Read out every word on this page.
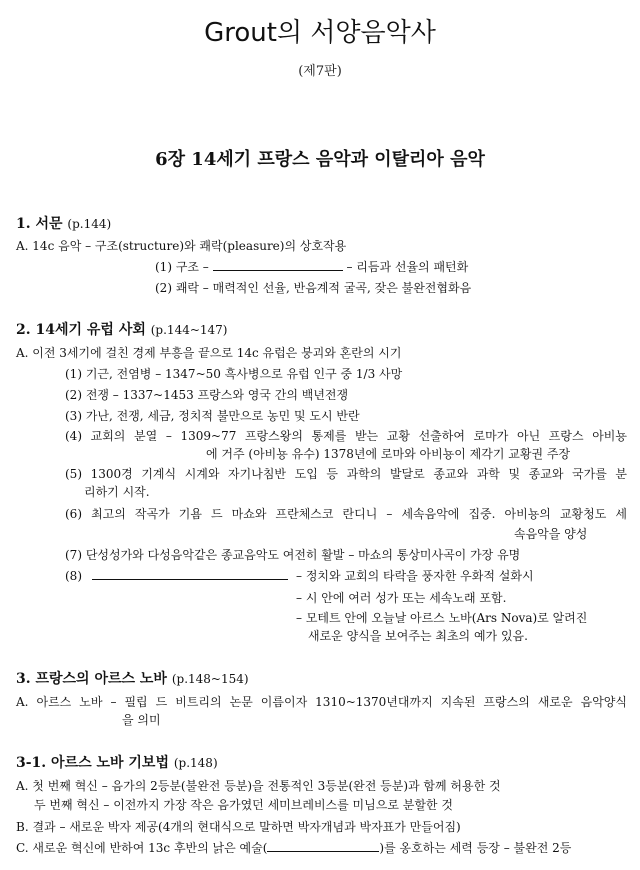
Grout의 서양음악사
(제7판)
6장 14세기 프랑스 음악과 이탈리아 음악
1. 서문 (p.144)
A. 14c 음악 – 구조(structure)와 쾌락(pleasure)의 상호작용
(1) 구조 –	– 리듬과 선율의 패턴화
(2) 쾌락 – 매력적인 선율, 반음계적 굴곡, 잦은 불완전협화음
2. 14세기 유럽 사회 (p.144~147)
A. 이전 3세기에 걸친 경제 부흥을 끝으로 14c 유럽은 붕괴와 혼란의 시기
(1) 기근, 전염병 – 1347~50 흑사병으로 유럽 인구 중 1/3 사망
(2) 전쟁 – 1337~1453 프랑스와 영국 간의 백년전쟁
(3) 가난, 전쟁, 세금, 정치적 불만으로 농민 및 도시 반란
(4) 교회의 분열 – 1309~77 프랑스왕의 통제를 받는 교황 선출하여 로마가 아닌 프랑스 아비뇽
에 거주 (아비뇽 유수) 1378년에 로마와 아비뇽이 제각기 교황권 주장
(5) 1300경 기계식 시계와 자기나침반 도입 등 과학의 발달로 종교와 과학 및 종교와 국가를 분
리하기 시작.
(6) 최고의 작곡가 기욤 드 마쇼와 프란체스코 란디니 – 세속음악에 집중. 아비뇽의 교황청도 세
속음악을 양성
(7) 단성성가와 다성음악같은 종교음악도 여전히 활발 – 마쇼의 통상미사곡이 가장 유명
(8)	– 정치와 교회의 타락을 풍자한 우화적 설화시
– 시 안에 여러 성가 또는 세속노래 포함.
– 모테트 안에 오늘날 아르스 노바(Ars Nova)로 알려진
새로운 양식을 보여주는 최초의 예가 있음.
3. 프랑스의 아르스 노바 (p.148~154)
A. 아르스 노바 – 필립 드 비트리의 논문 이름이자 1310~1370년대까지 지속된 프랑스의 새로운 음악양식
을 의미
3-1. 아르스 노바 기보법 (p.148)
A. 첫 번째 혁신 – 음가의 2등분(불완전 등분)을 전통적인 3등분(완전 등분)과 함께 허용한 것
두 번째 혁신 – 이전까지 가장 작은 음가였던 세미브레비스를 미님으로 분할한 것
B. 결과 – 새로운 박자 제공(4개의 현대식으로 말하면 박자개념과 박자표가 만들어짐)
C. 새로운 혁신에 반하여 13c 후반의 낡은 예술(	)를 옹호하는 세력 등장 – 불완전 2등
